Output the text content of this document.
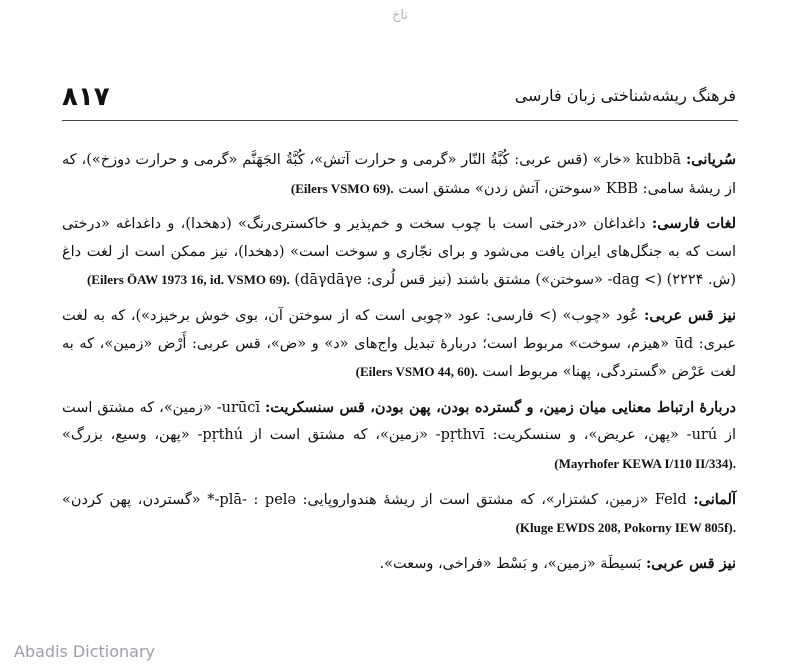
تاخ
۸۱۷	فرهنگ ریشه‌شناختی زبان فارسی

سُریانی: kubbā «خار» (قس عربی: كُبَّةُ النّار «گرمی و حرارت آتش»، كُبَّةُ الجَهَنَّم «گرمی و حرارت دوزخ»)، که از ریشهٔ سامی: KBB «سوختن، آتش زدن» مشتق است (Eilers VSMO 69).

لغات فارسی: داغداغان «درختی است با چوب سخت و خم‌پذیر و خاکستری‌رنگ» (دهخدا)، و داغداغه «درختی است که به جنگل‌های ایران یافت می‌شود و برای نجّاری و سوخت است» (دهخدا)، نیز ممکن است از لغت داغ (ش. ۲۲۲۴) (> dag- «سوختن») مشتق باشند (نیز قس لُری: dāγdāγe) (Eilers ÖAW 1973 16, id. VSMO 69).

نیز قس عربی: عُود «چوب» (> فارسی: عود «چوبی است که از سوختن آن، بوی خوش برخیزد»)، که به لغت عبری: ūd «هیزم، سوخت» مربوط است؛ دربارهٔ تبدیل واج‌های «د» و «ض»، قس عربی: أَرْض «زمین»، که به لغت عَرْض «گستردگی، پهنا» مربوط است (Eilers VSMO 44, 60).

دربارهٔ ارتباط معنایی میان زمین، و گسترده بودن، پهن بودن، قس سنسکریت: urūcī- «زمین»، که مشتق است از urú- «پهن، عریض»، و سنسکریت: pṛthvī- «زمین»، که مشتق است از pṛthú- «پهن، وسیع، بزرگ» (Mayrhofer KEWA I/110 II/334).

آلمانی: Feld «زمین، کشتزار»، که مشتق است از ریشهٔ هندواروپایی: plā- : pelə-* «گستردن، پهن کردن» (Kluge EWDS 208, Pokorny IEW 805f).

نیز قس عربی: بَسیطَة «زمین»، و بَسْط «فراخی، وسعت».

Abadis Dictionary
